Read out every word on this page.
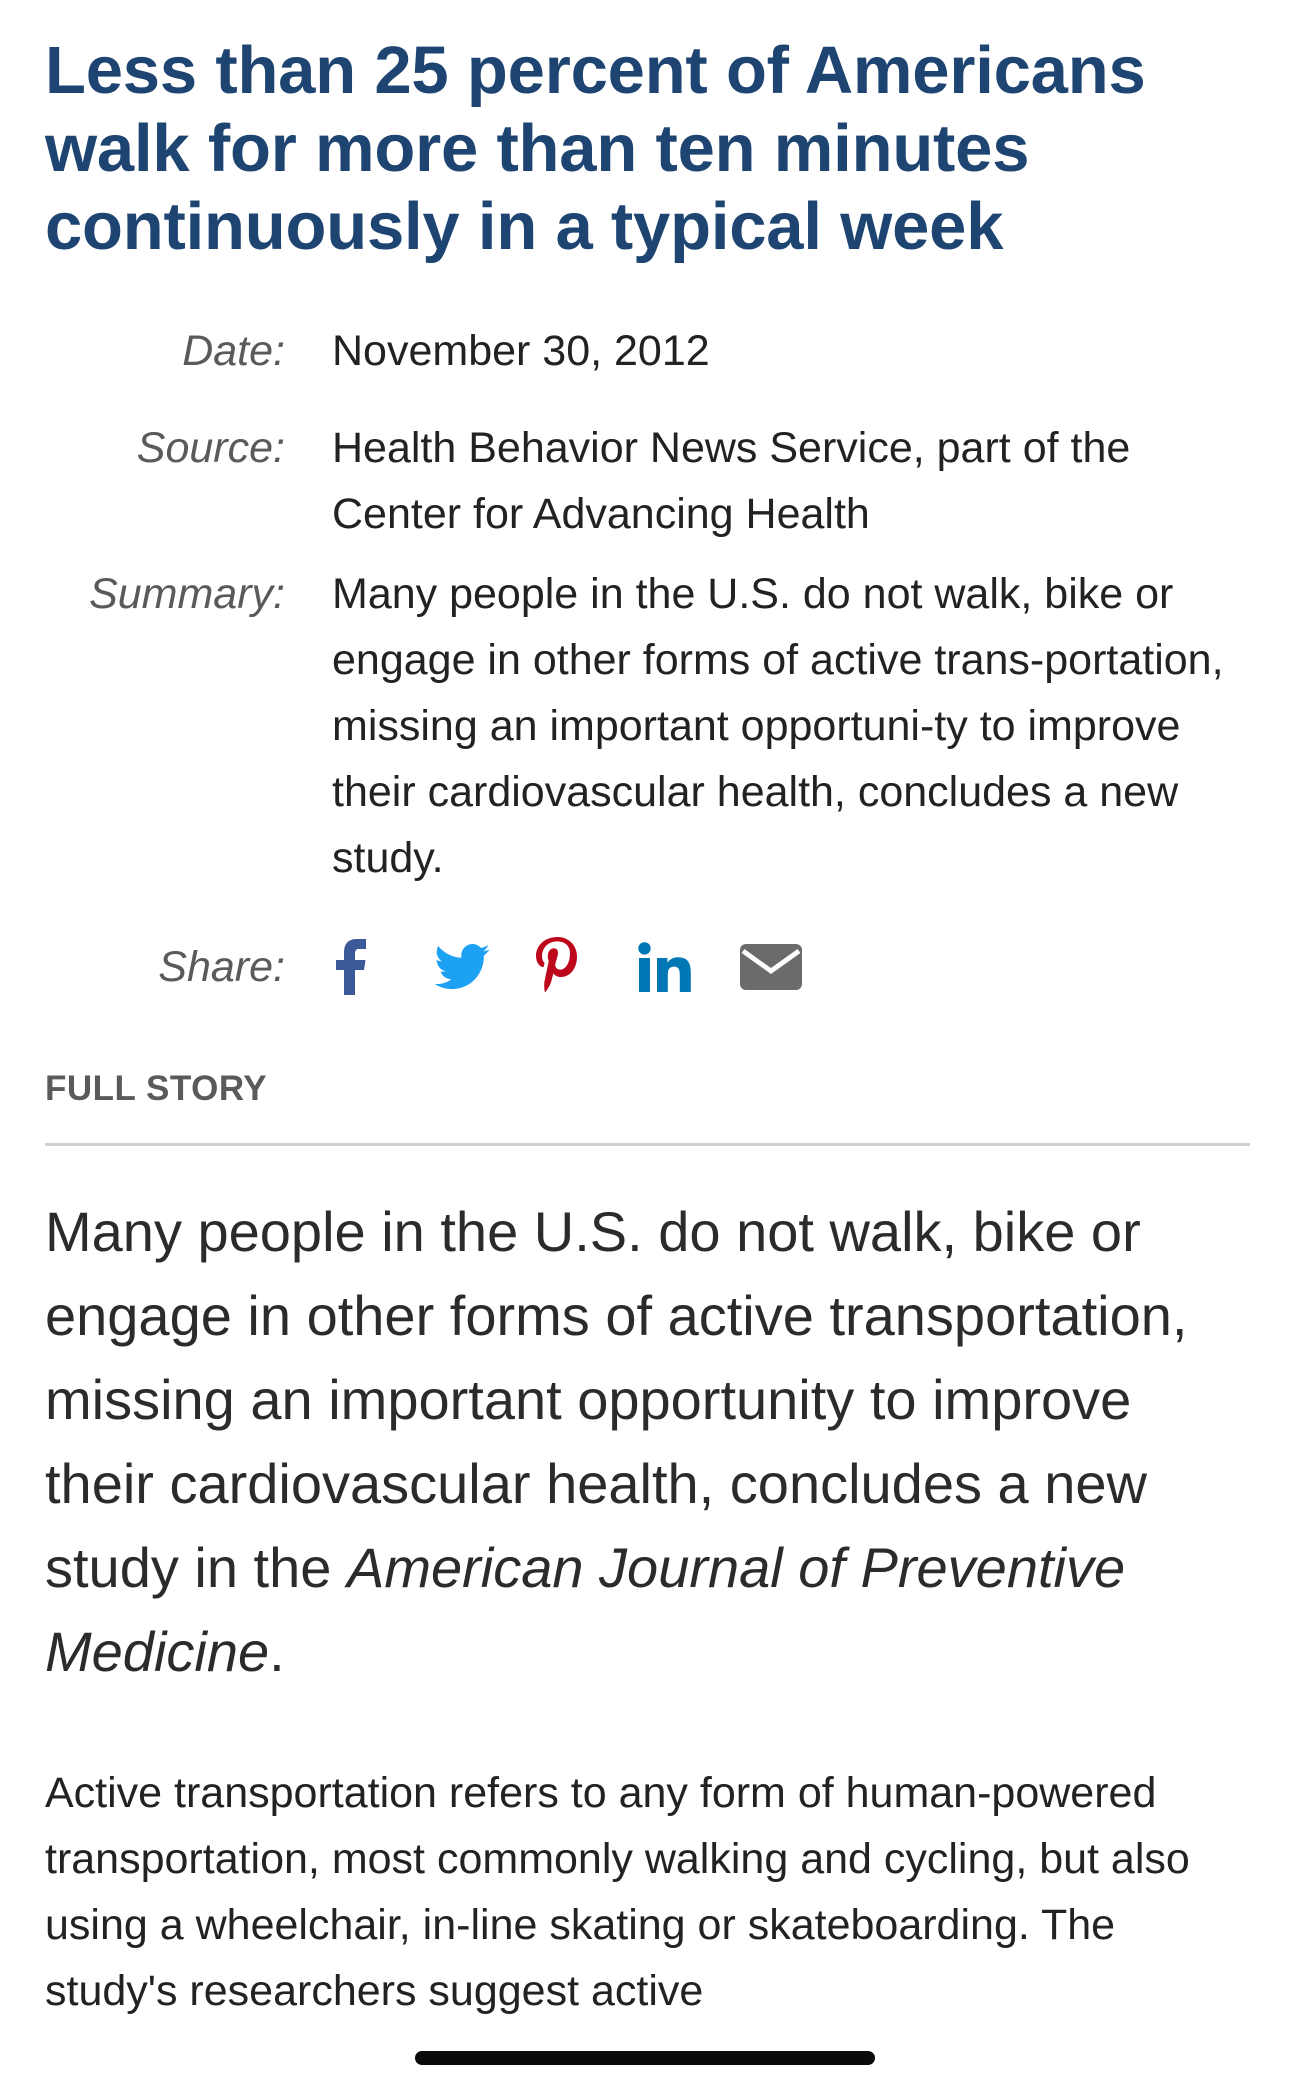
Less than 25 percent of Americans walk for more than ten minutes continuously in a typical week
Date: November 30, 2012
Source: Health Behavior News Service, part of the Center for Advancing Health
Summary: Many people in the U.S. do not walk, bike or engage in other forms of active trans-portation, missing an important opportuni-ty to improve their cardiovascular health, concludes a new study.
Share:
FULL STORY

Many people in the U.S. do not walk, bike or engage in other forms of active transportation, missing an important opportunity to improve their cardiovascular health, concludes a new study in the American Journal of Preventive Medicine.

Active transportation refers to any form of human-powered transportation, most commonly walking and cycling, but also using a wheelchair, in-line skating or skateboarding. The study's researchers suggest active
